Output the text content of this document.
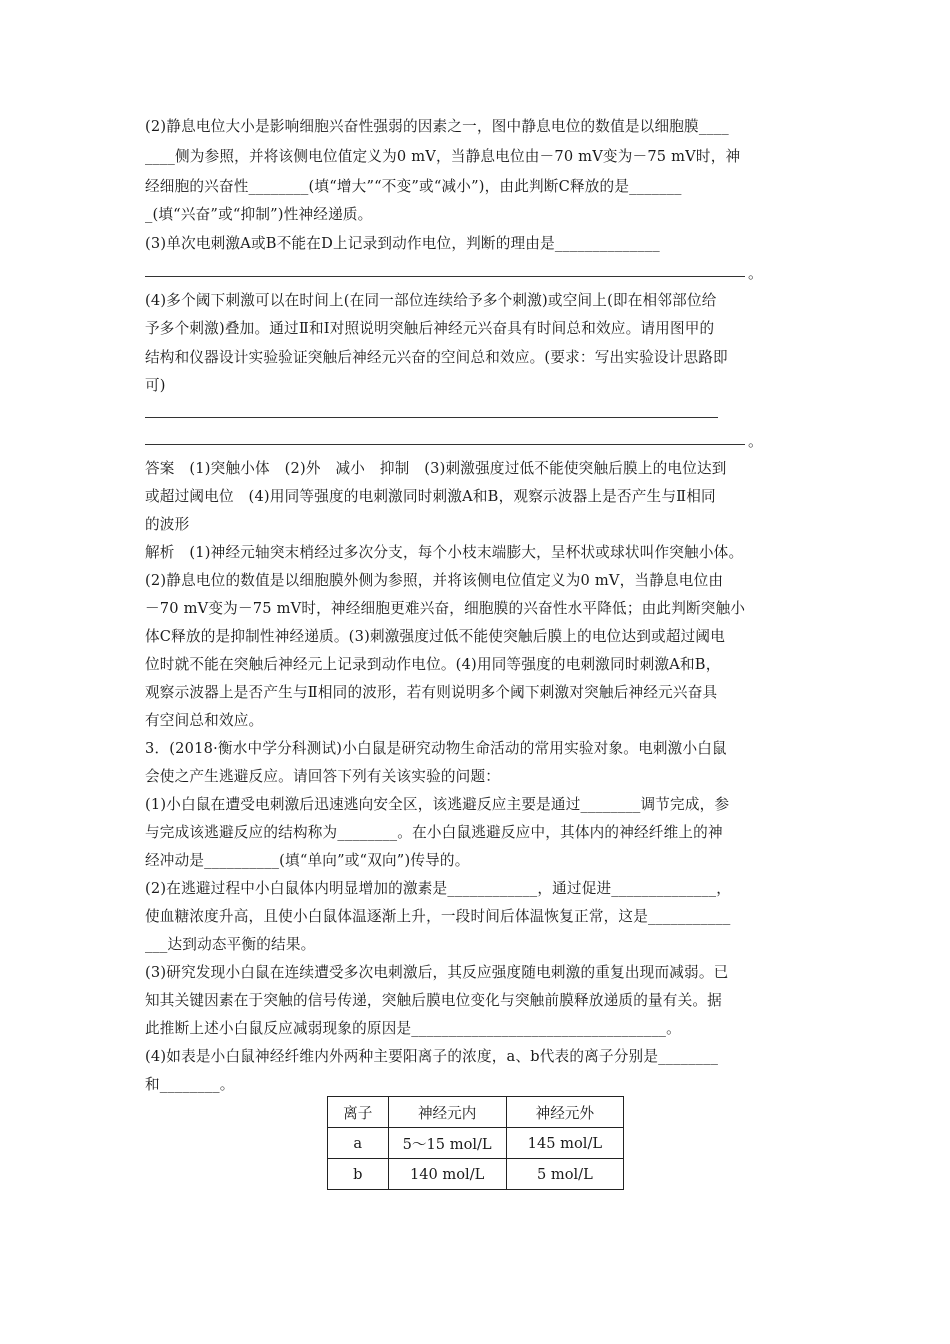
(2)静息电位大小是影响细胞兴奋性强弱的因素之一，图中静息电位的数值是以细胞膜____
____侧为参照，并将该侧电位值定义为0 mV，当静息电位由－70 mV变为－75 mV时，神
经细胞的兴奋性________(填“增大”“不变”或“减小”)，由此判断C释放的是_______
_(填“兴奋”或“抑制”)性神经递质。
(3)单次电刺激A或B不能在D上记录到动作电位，判断的理由是______________
。
(4)多个阈下刺激可以在时间上(在同一部位连续给予多个刺激)或空间上(即在相邻部位给
予多个刺激)叠加。通过Ⅱ和Ⅰ对照说明突触后神经元兴奋具有时间总和效应。请用图甲的
结构和仪器设计实验验证突触后神经元兴奋的空间总和效应。(要求：写出实验设计思路即
可)
。
答案　(1)突触小体　(2)外　减小　抑制　(3)刺激强度过低不能使突触后膜上的电位达到
或超过阈电位　(4)用同等强度的电刺激同时刺激A和B，观察示波器上是否产生与Ⅱ相同
的波形
解析　(1)神经元轴突末梢经过多次分支，每个小枝末端膨大，呈杯状或球状叫作突触小体。
(2)静息电位的数值是以细胞膜外侧为参照，并将该侧电位值定义为0 mV，当静息电位由
－70 mV变为－75 mV时，神经细胞更难兴奋，细胞膜的兴奋性水平降低；由此判断突触小
体C释放的是抑制性神经递质。(3)刺激强度过低不能使突触后膜上的电位达到或超过阈电
位时就不能在突触后神经元上记录到动作电位。(4)用同等强度的电刺激同时刺激A和B，
观察示波器上是否产生与Ⅱ相同的波形，若有则说明多个阈下刺激对突触后神经元兴奋具
有空间总和效应。
3．(2018·衡水中学分科测试)小白鼠是研究动物生命活动的常用实验对象。电刺激小白鼠
会使之产生逃避反应。请回答下列有关该实验的问题：
(1)小白鼠在遭受电刺激后迅速逃向安全区，该逃避反应主要是通过________调节完成，参
与完成该逃避反应的结构称为________。在小白鼠逃避反应中，其体内的神经纤维上的神
经冲动是__________(填“单向”或“双向”)传导的。
(2)在逃避过程中小白鼠体内明显增加的激素是____________，通过促进______________，
使血糖浓度升高，且使小白鼠体温逐渐上升，一段时间后体温恢复正常，这是___________
___达到动态平衡的结果。
(3)研究发现小白鼠在连续遭受多次电刺激后，其反应强度随电刺激的重复出现而减弱。已
知其关键因素在于突触的信号传递，突触后膜电位变化与突触前膜释放递质的量有关。据
此推断上述小白鼠反应减弱现象的原因是__________________________________。
(4)如表是小白鼠神经纤维内外两种主要阳离子的浓度，a、b代表的离子分别是________
和________。
离子	神经元内	神经元外
a	5～15 mol/L	145 mol/L
b	140 mol/L	5 mol/L
